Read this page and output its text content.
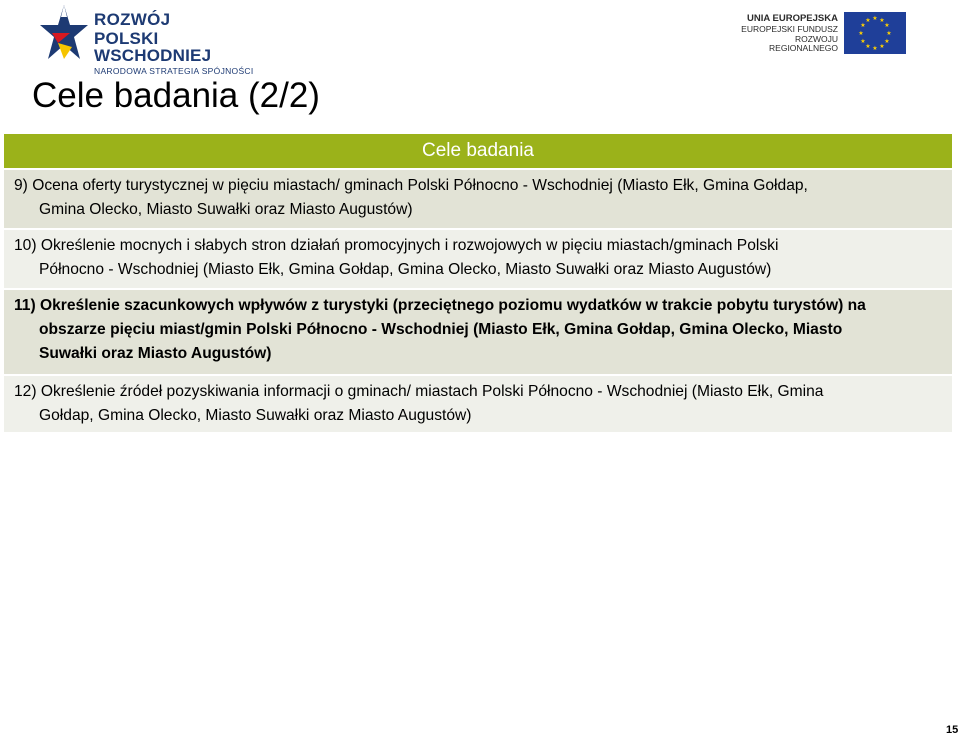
ROZWÓJ
POLSKI WSCHODNIEJ
NARODOWA STRATEGIA SPÓJNOŚCI
UNIA EUROPEJSKA
EUROPEJSKI FUNDUSZ
ROZWOJU REGIONALNEGO
★ ★
★
★
★
★
★
★
★
★
★
★
Cele badania (2/2)
Cele badania
9) Ocena oferty turystycznej w pięciu miastach/ gminach Polski Północno - Wschodniej (Miasto Ełk, Gmina Gołdap,
Gmina Olecko, Miasto Suwałki oraz Miasto Augustów)
10) Określenie mocnych i słabych stron działań promocyjnych i rozwojowych w pięciu miastach/gminach Polski
Północno - Wschodniej (Miasto Ełk, Gmina Gołdap, Gmina Olecko, Miasto Suwałki oraz Miasto Augustów)
11) Określenie szacunkowych wpływów z turystyki (przeciętnego poziomu wydatków w trakcie pobytu turystów) na
obszarze pięciu miast/gmin Polski Północno - Wschodniej (Miasto Ełk, Gmina Gołdap, Gmina Olecko, Miasto
Suwałki oraz Miasto Augustów)
12) Określenie źródeł pozyskiwania informacji o gminach/ miastach Polski Północno - Wschodniej (Miasto Ełk, Gmina
Gołdap, Gmina Olecko, Miasto Suwałki oraz Miasto Augustów)
15
